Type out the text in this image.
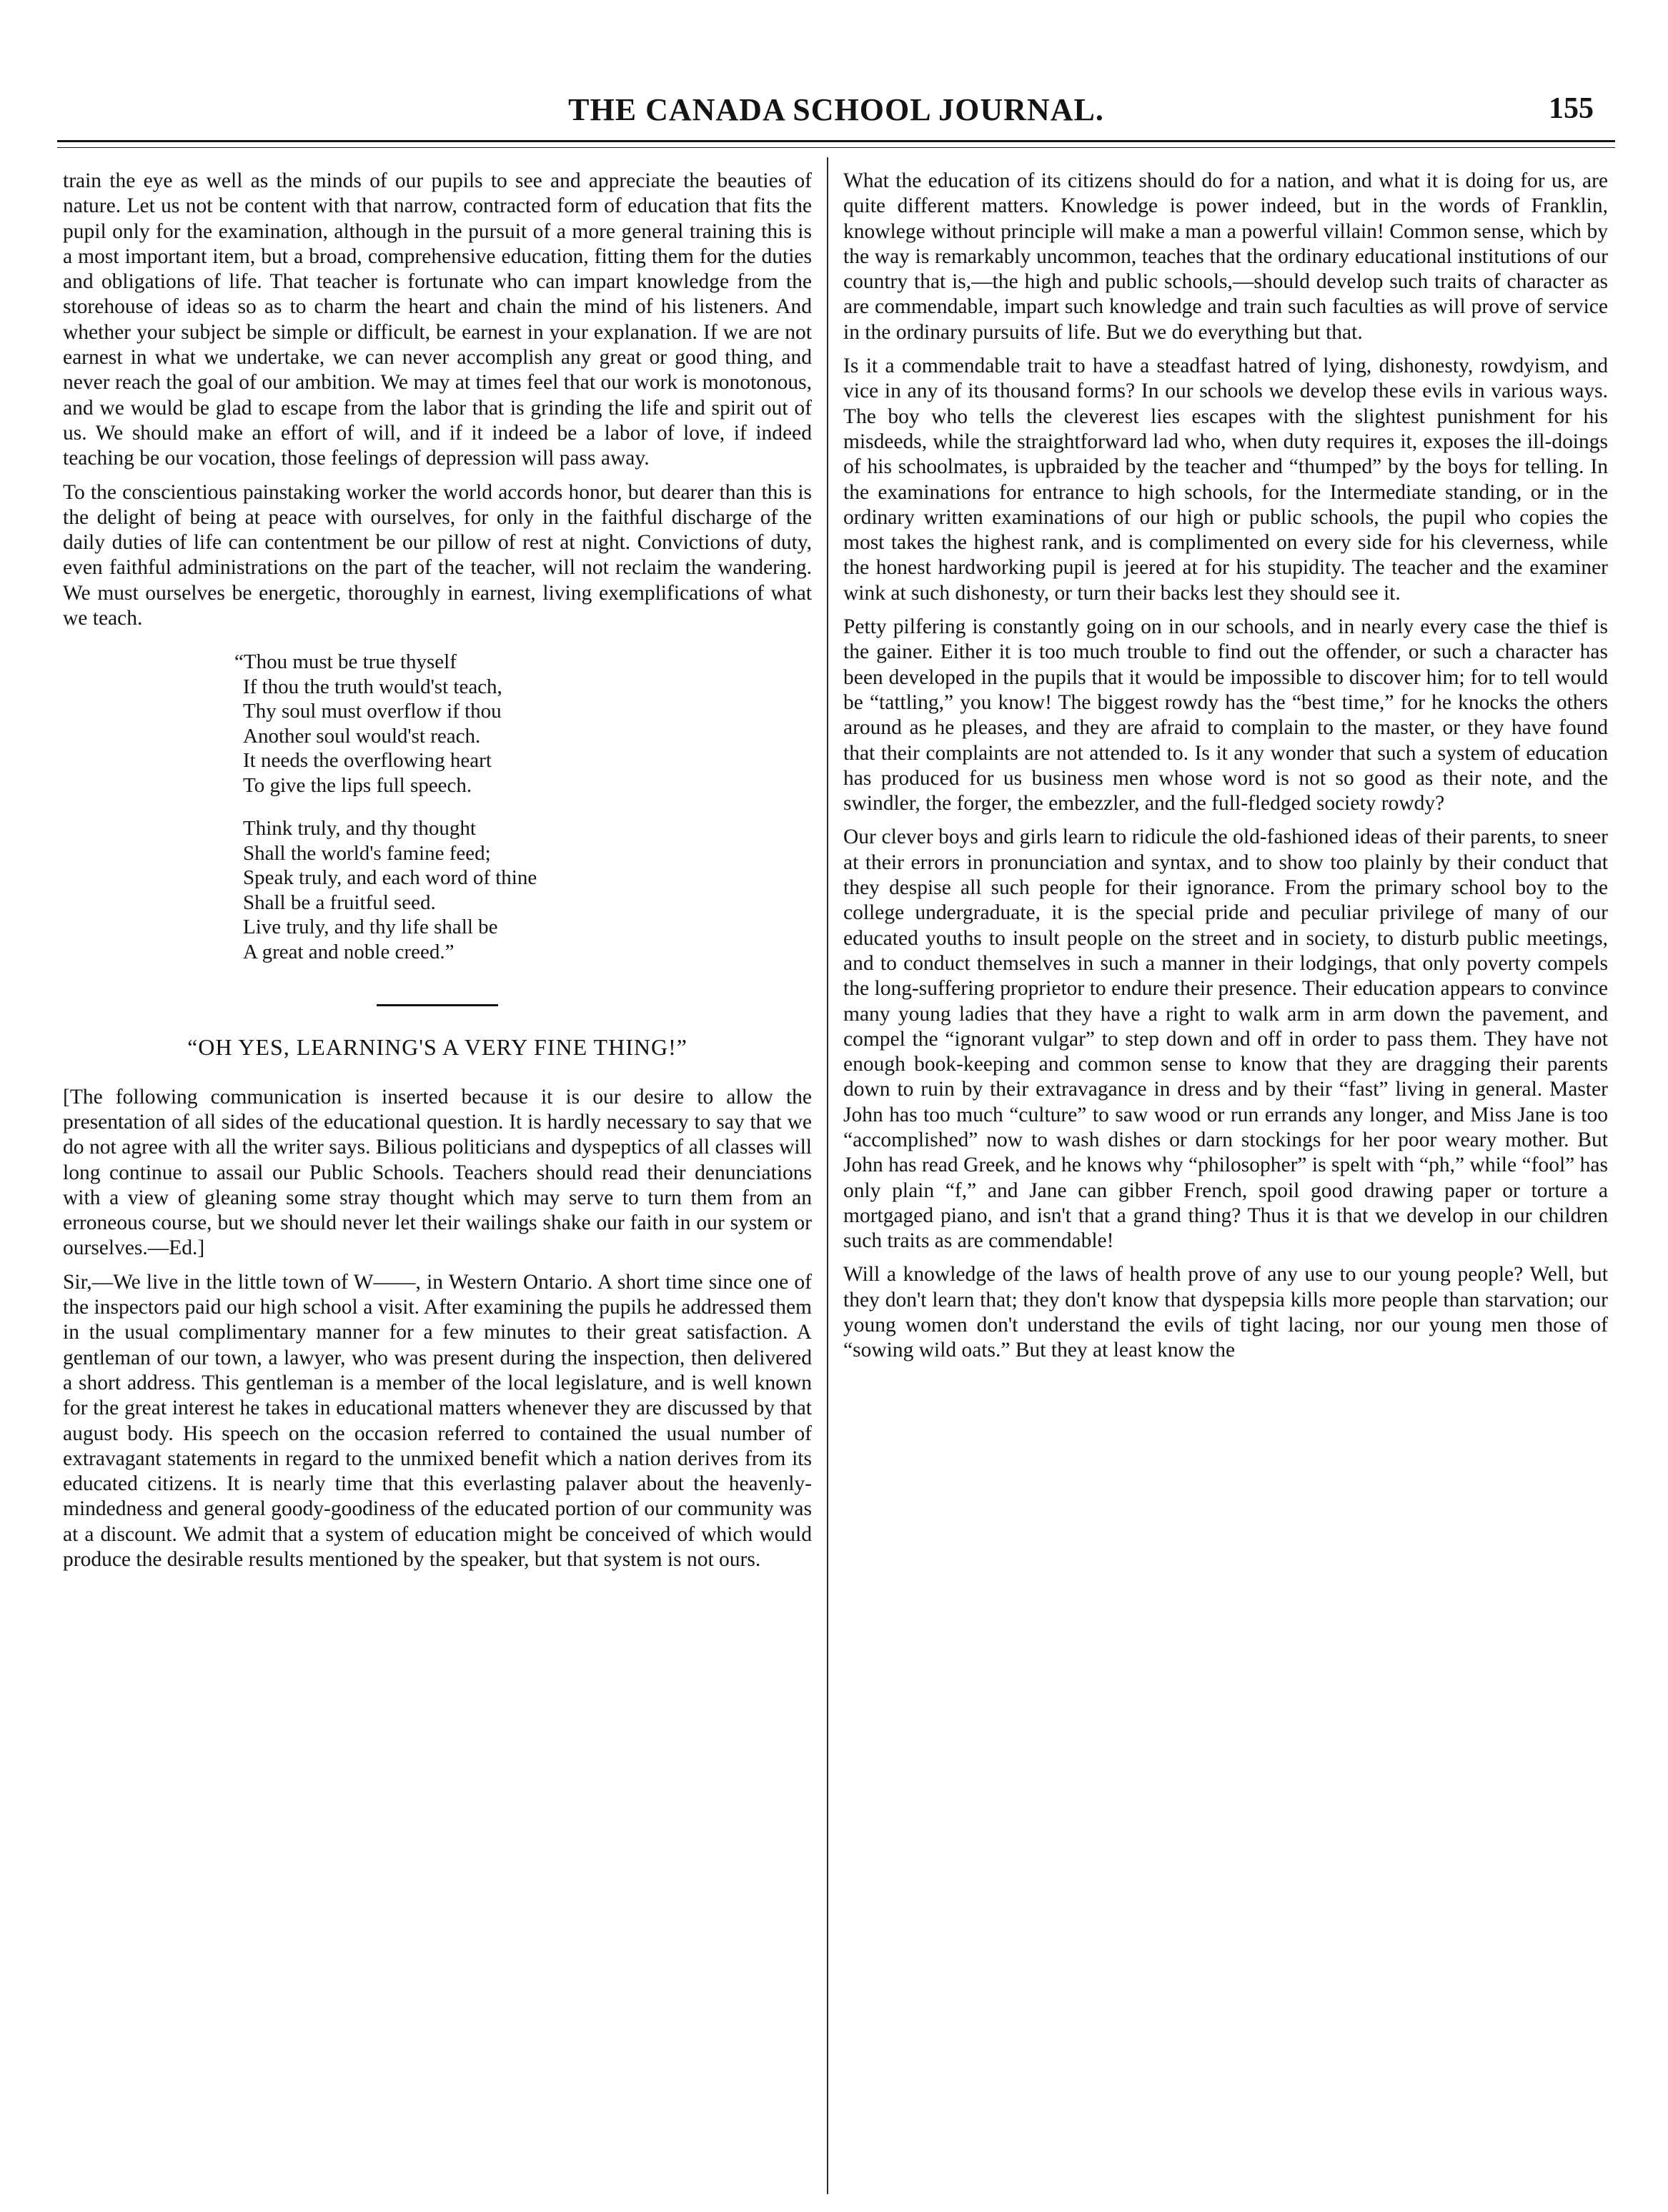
THE CANADA SCHOOL JOURNAL.	155

train the eye as well as the minds of our pupils to see and appreciate the beauties of nature. Let us not be content with that narrow, contracted form of education that fits the pupil only for the examination, although in the pursuit of a more general training this is a most important item, but a broad, comprehensive education, fitting them for the duties and obligations of life. That teacher is fortunate who can impart knowledge from the storehouse of ideas so as to charm the heart and chain the mind of his listeners. And whether your subject be simple or difficult, be earnest in your explanation. If we are not earnest in what we undertake, we can never accomplish any great or good thing, and never reach the goal of our ambition. We may at times feel that our work is monotonous, and we would be glad to escape from the labor that is grinding the life and spirit out of us. We should make an effort of will, and if it indeed be a labor of love, if indeed teaching be our vocation, those feelings of depression will pass away.

To the conscientious painstaking worker the world accords honor, but dearer than this is the delight of being at peace with ourselves, for only in the faithful discharge of the daily duties of life can contentment be our pillow of rest at night. Convictions of duty, even faithful administrations on the part of the teacher, will not reclaim the wandering. We must ourselves be energetic, thoroughly in earnest, living exemplifications of what we teach.

“Thou must be true thyself
If thou the truth would'st teach,
Thy soul must overflow if thou
Another soul would'st reach.
It needs the overflowing heart
To give the lips full speech.
Think truly, and thy thought
Shall the world's famine feed;
Speak truly, and each word of thine
Shall be a fruitful seed.
Live truly, and thy life shall be
A great and noble creed.”
“OH YES, LEARNING'S A VERY FINE THING!”

[The following communication is inserted because it is our desire to allow the presentation of all sides of the educational question. It is hardly necessary to say that we do not agree with all the writer says. Bilious politicians and dyspeptics of all classes will long continue to assail our Public Schools. Teachers should read their denunciations with a view of gleaning some stray thought which may serve to turn them from an erroneous course, but we should never let their wailings shake our faith in our system or ourselves.—Ed.]

Sir,—We live in the little town of W——, in Western Ontario. A short time since one of the inspectors paid our high school a visit. After examining the pupils he addressed them in the usual complimentary manner for a few minutes to their great satisfaction. A gentleman of our town, a lawyer, who was present during the inspection, then delivered a short address. This gentleman is a member of the local legislature, and is well known for the great interest he takes in educational matters whenever they are discussed by that august body. His speech on the occasion referred to contained the usual number of extravagant statements in regard to the unmixed benefit which a nation derives from its educated citizens. It is nearly time that this everlasting palaver about the heavenly-mindedness and general goody-goodiness of the educated portion of our community was at a discount. We admit that a system of education might be conceived of which would produce the desirable results mentioned by the speaker, but that system is not ours.

What the education of its citizens should do for a nation, and what it is doing for us, are quite different matters. Knowledge is power indeed, but in the words of Franklin, knowlege without principle will make a man a powerful villain! Common sense, which by the way is remarkably uncommon, teaches that the ordinary educational institutions of our country that is,—the high and public schools,—should develop such traits of character as are commendable, impart such knowledge and train such faculties as will prove of service in the ordinary pursuits of life. But we do everything but that.

Is it a commendable trait to have a steadfast hatred of lying, dishonesty, rowdyism, and vice in any of its thousand forms? In our schools we develop these evils in various ways. The boy who tells the cleverest lies escapes with the slightest punishment for his misdeeds, while the straightforward lad who, when duty requires it, exposes the ill-doings of his schoolmates, is upbraided by the teacher and “thumped” by the boys for telling. In the examinations for entrance to high schools, for the Intermediate standing, or in the ordinary written examinations of our high or public schools, the pupil who copies the most takes the highest rank, and is complimented on every side for his cleverness, while the honest hardworking pupil is jeered at for his stupidity. The teacher and the examiner wink at such dishonesty, or turn their backs lest they should see it.

Petty pilfering is constantly going on in our schools, and in nearly every case the thief is the gainer. Either it is too much trouble to find out the offender, or such a character has been developed in the pupils that it would be impossible to discover him; for to tell would be “tattling,” you know! The biggest rowdy has the “best time,” for he knocks the others around as he pleases, and they are afraid to complain to the master, or they have found that their complaints are not attended to. Is it any wonder that such a system of education has produced for us business men whose word is not so good as their note, and the swindler, the forger, the embezzler, and the full-fledged society rowdy?

Our clever boys and girls learn to ridicule the old-fashioned ideas of their parents, to sneer at their errors in pronunciation and syntax, and to show too plainly by their conduct that they despise all such people for their ignorance. From the primary school boy to the college undergraduate, it is the special pride and peculiar privilege of many of our educated youths to insult people on the street and in society, to disturb public meetings, and to conduct themselves in such a manner in their lodgings, that only poverty compels the long-suffering proprietor to endure their presence. Their education appears to convince many young ladies that they have a right to walk arm in arm down the pavement, and compel the “ignorant vulgar” to step down and off in order to pass them. They have not enough book-keeping and common sense to know that they are dragging their parents down to ruin by their extravagance in dress and by their “fast” living in general. Master John has too much “culture” to saw wood or run errands any longer, and Miss Jane is too “accomplished” now to wash dishes or darn stockings for her poor weary mother. But John has read Greek, and he knows why “philosopher” is spelt with “ph,” while “fool” has only plain “f,” and Jane can gibber French, spoil good drawing paper or torture a mortgaged piano, and isn't that a grand thing? Thus it is that we develop in our children such traits as are commendable!

Will a knowledge of the laws of health prove of any use to our young people? Well, but they don't learn that; they don't know that dyspepsia kills more people than starvation; our young women don't understand the evils of tight lacing, nor our young men those of “sowing wild oats.” But they at least know the
